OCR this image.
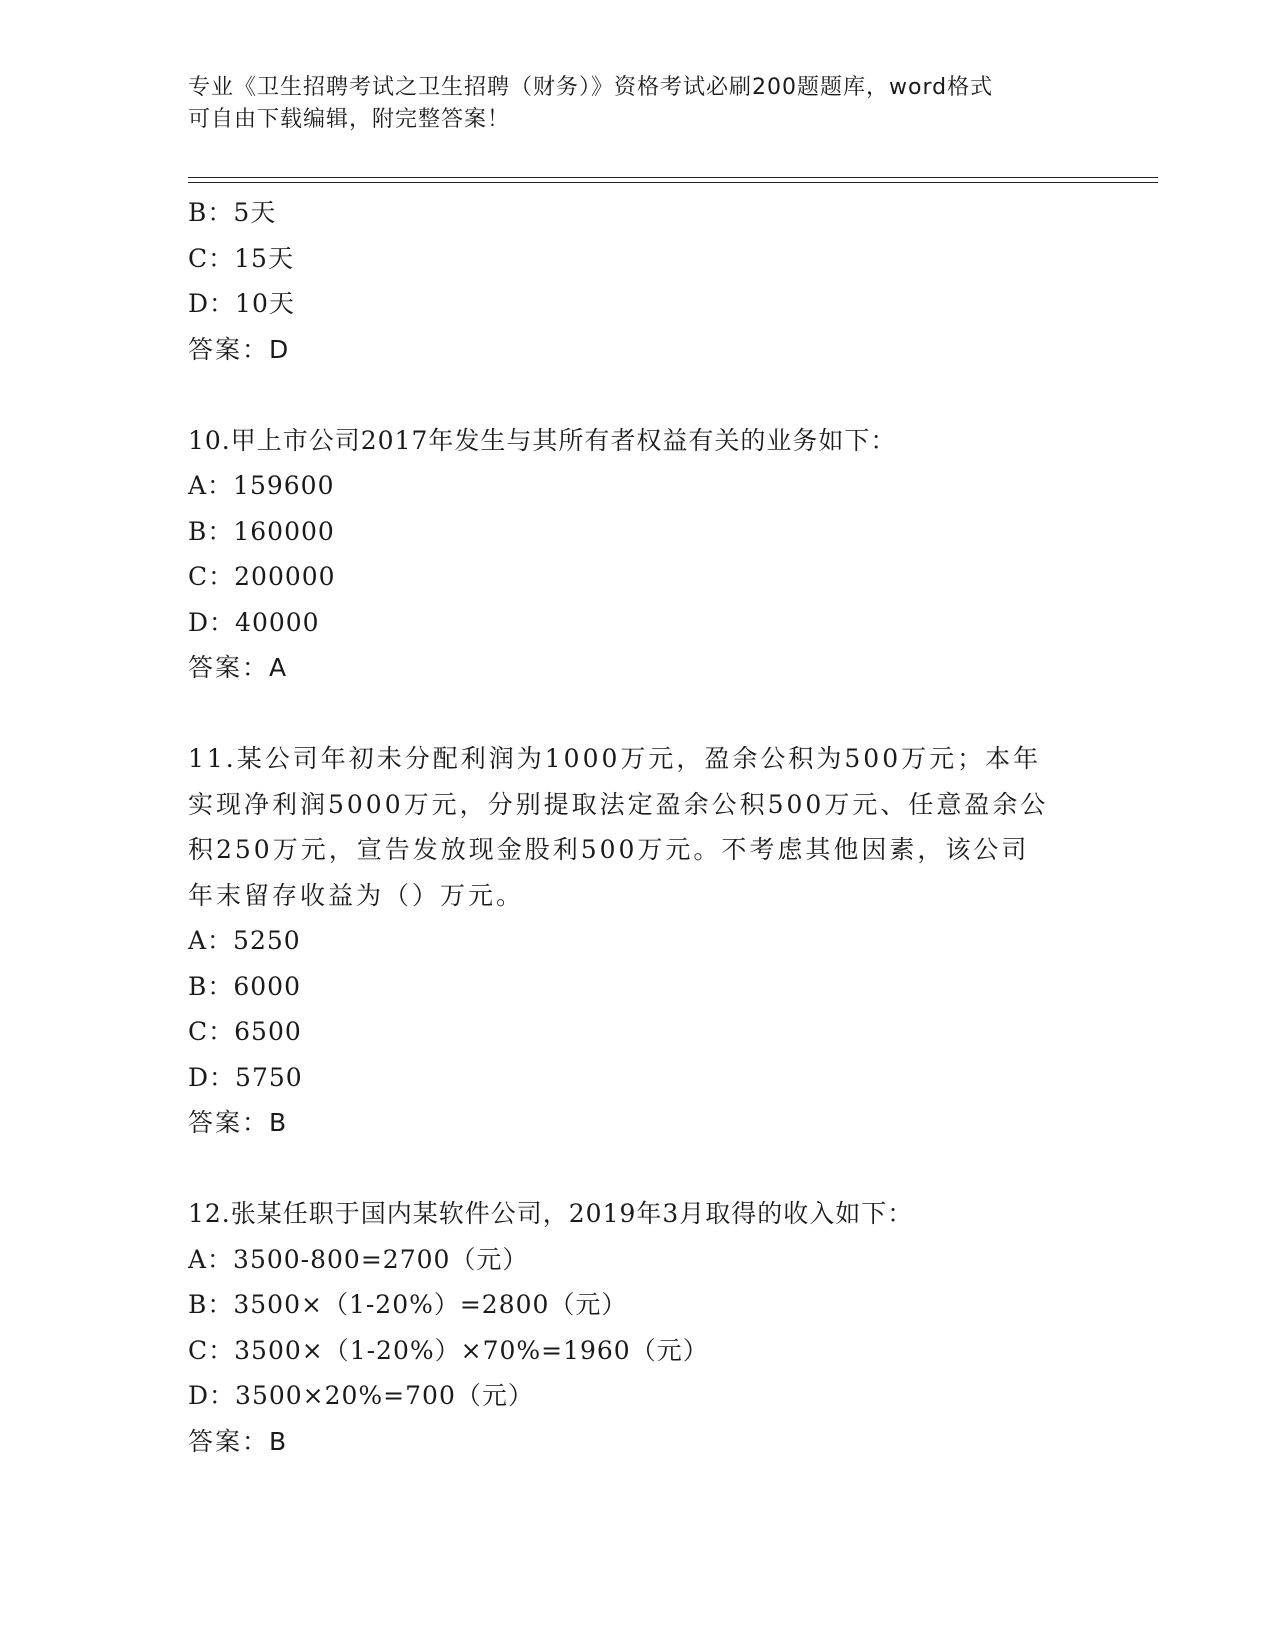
专业《卫生招聘考试之卫生招聘（财务）》资格考试必刷200题题库，word格式
可自由下载编辑，附完整答案！
B：5天
C：15天
D：10天
答案：D
10.甲上市公司2017年发生与其所有者权益有关的业务如下：
A：159600
B：160000
C：200000
D：40000
答案：A
11.某公司年初未分配利润为1000万元，盈余公积为500万元；本年
实现净利润5000万元，分别提取法定盈余公积500万元、任意盈余公
积250万元，宣告发放现金股利500万元。不考虑其他因素，该公司
年末留存收益为（）万元。
A：5250
B：6000
C：6500
D：5750
答案：B
12.张某任职于国内某软件公司，2019年3月取得的收入如下：
A：3500-800=2700（元）
B：3500×（1-20%）=2800（元）
C：3500×（1-20%）×70%=1960（元）
D：3500×20%=700（元）
答案：B
